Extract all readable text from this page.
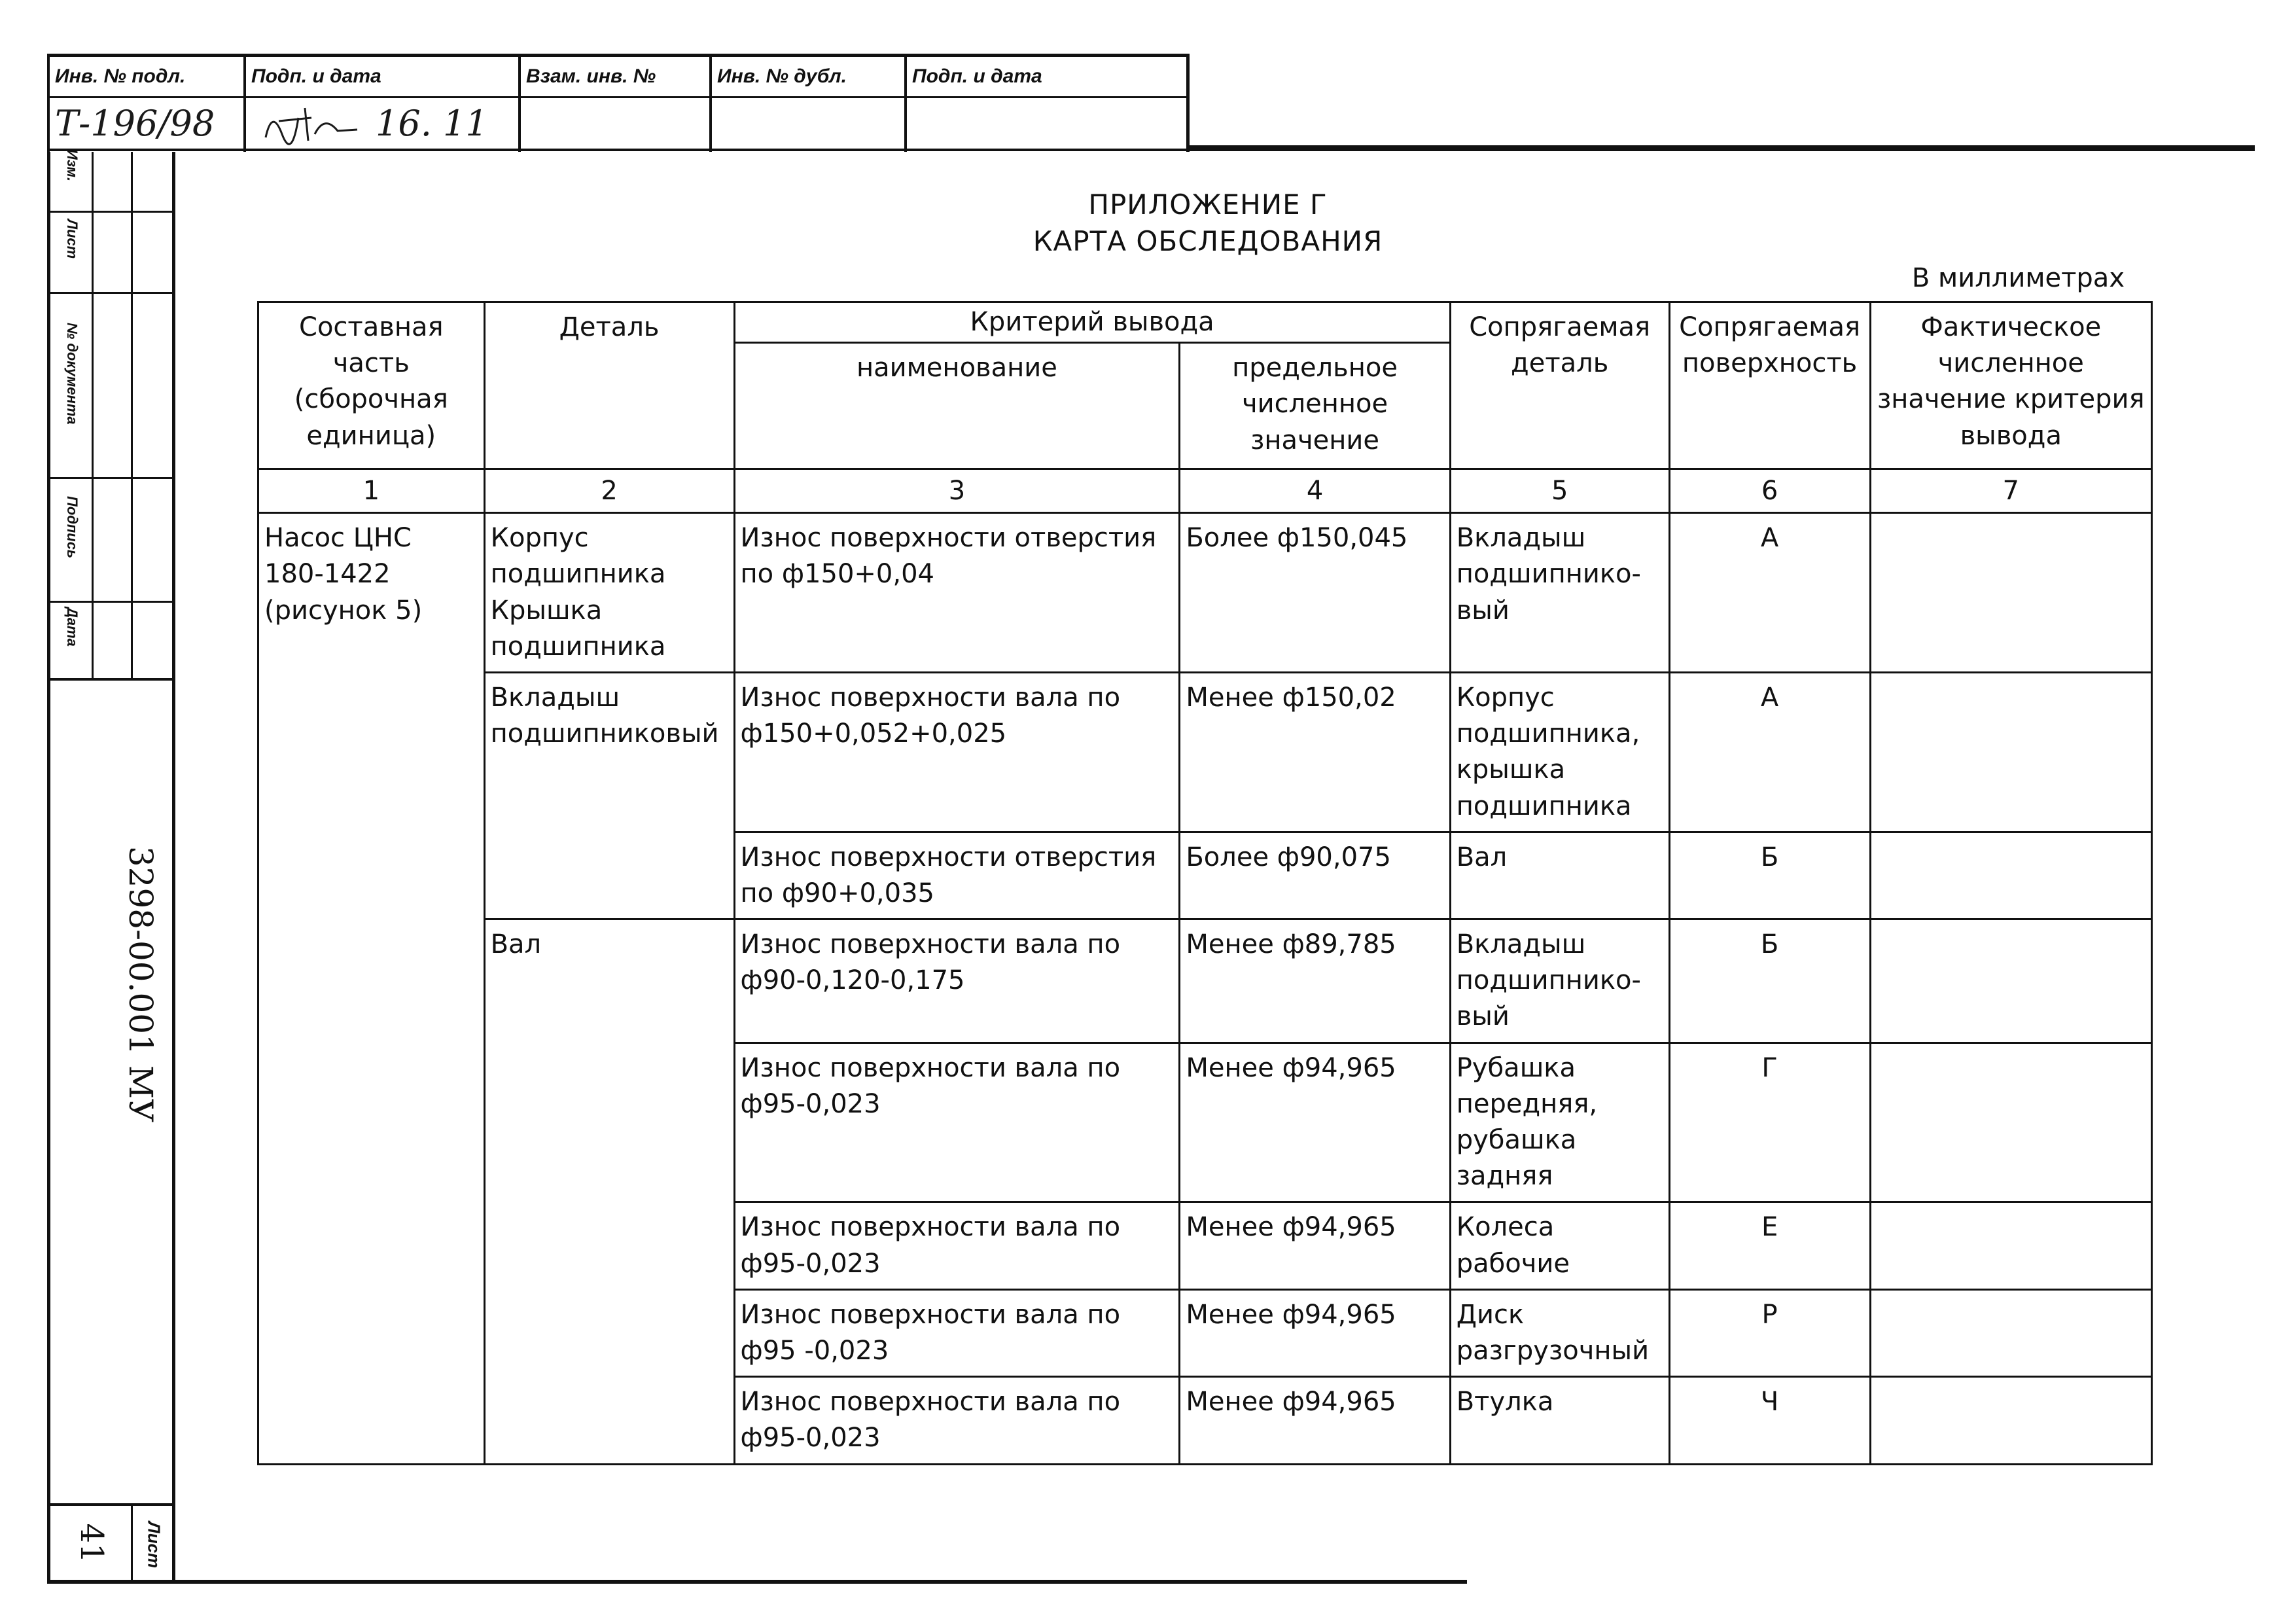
Инв. № подл.	Подп. и дата	Взам. инв. №	Инв. № дубл.	Подп. и дата
Т-196/98	16. 11
Изм.
Лист
№ документа
Подпись
Дата
3298-00.001 МУ
41 Лист
ПРИЛОЖЕНИЕ Г
КАРТА ОБСЛЕДОВАНИЯ
В миллиметрах
Составная часть (сборочная единица)	Деталь	Критерий вывода		Сопрягаемая деталь	Сопрягаемая поверхность	Фактическое численное значение критерия вывода
		наименование	предельное численное значение			
1	2	3	4	5	6	7
Насос ЦНС 180-1422 (рисунок 5)	Корпус подшипника Крышка подшипника	Износ поверхности отверстия по ф150+0,04	Более ф150,045	Вкладыш подшипнико-вый	А	
	Вкладыш подшипниковый	Износ поверхности вала по ф150+0,052+0,025	Менее ф150,02	Корпус подшипника, крышка подшипника	А	
		Износ поверхности отверстия по ф90+0,035	Более ф90,075	Вал	Б	
	Вал	Износ поверхности вала по ф90-0,120-0,175	Менее ф89,785	Вкладыш подшипнико-вый	Б	
		Износ поверхности вала по ф95-0,023	Менее ф94,965	Рубашка передняя, рубашка задняя	Г	
		Износ поверхности вала по ф95-0,023	Менее ф94,965	Колеса рабочие	Е	
		Износ поверхности вала по ф95 -0,023	Менее ф94,965	Диск разгрузочный	Р	
		Износ поверхности вала по ф95-0,023	Менее ф94,965	Втулка	Ч	
